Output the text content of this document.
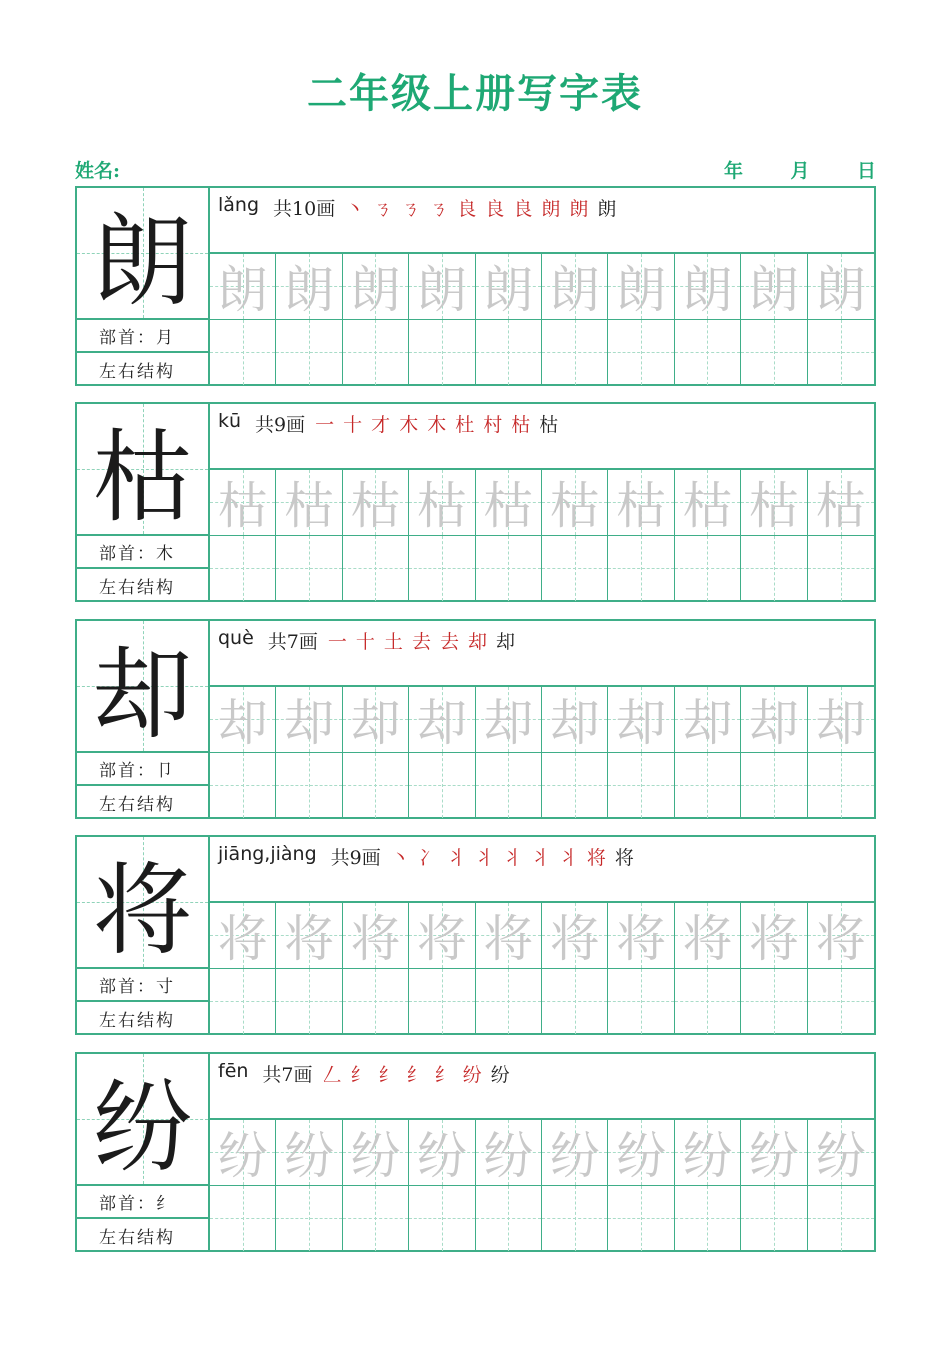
二年级上册写字表
姓名:	年 月 日
朗
部首：月
左右结构
lǎng 共10画 丶 ㄋ ㄋ ㄋ 良 良 良 朗 朗 朗
朗 朗 朗 朗 朗 朗 朗 朗 朗 朗
枯
部首：木
左右结构
kū 共9画 一 十 才 木 木 杜 村 枯 枯
枯 枯 枯 枯 枯 枯 枯 枯 枯 枯
却
部首：卩
左右结构
què 共7画 一 十 土 去 去 却 却
却 却 却 却 却 却 却 却 却 却
将
部首：寸
左右结构
jiāng,jiàng 共9画 丶 冫 丬 丬 丬 丬 丬 将 将
将 将 将 将 将 将 将 将 将 将
纷
部首：纟
左右结构
fēn 共7画 𠃋 纟 纟 纟 纟 纷 纷
纷 纷 纷 纷 纷 纷 纷 纷 纷 纷
